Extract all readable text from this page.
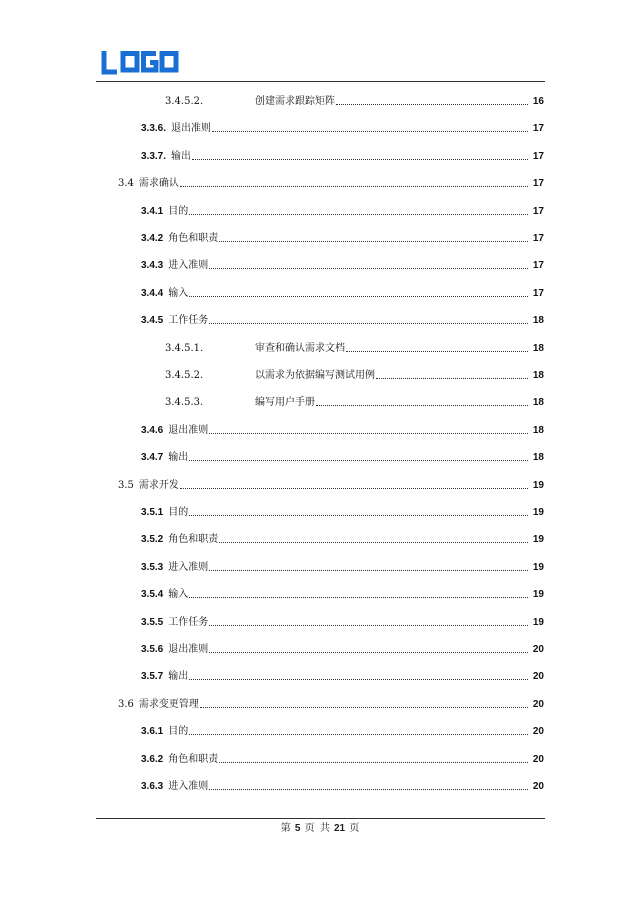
3.4.5.2.	创建需求跟踪矩阵	16
3.3.6. 退出准则	17
3.3.7. 输出	17
3.4 需求确认	17
3.4.1 目的	17
3.4.2 角色和职责	17
3.4.3 进入准则	17
3.4.4 输入	17
3.4.5 工作任务	18
3.4.5.1.	审查和确认需求文档	18
3.4.5.2.	以需求为依据编写测试用例	18
3.4.5.3.	编写用户手册	18
3.4.6 退出准则	18
3.4.7 输出	18
3.5 需求开发	19
3.5.1 目的	19
3.5.2 角色和职责	19
3.5.3 进入准则	19
3.5.4 输入	19
3.5.5 工作任务	19
3.5.6 退出准则	20
3.5.7 输出	20
3.6 需求变更管理	20
3.6.1 目的	20
3.6.2 角色和职责	20
3.6.3 进入准则	20
第 5 页 共 21 页
